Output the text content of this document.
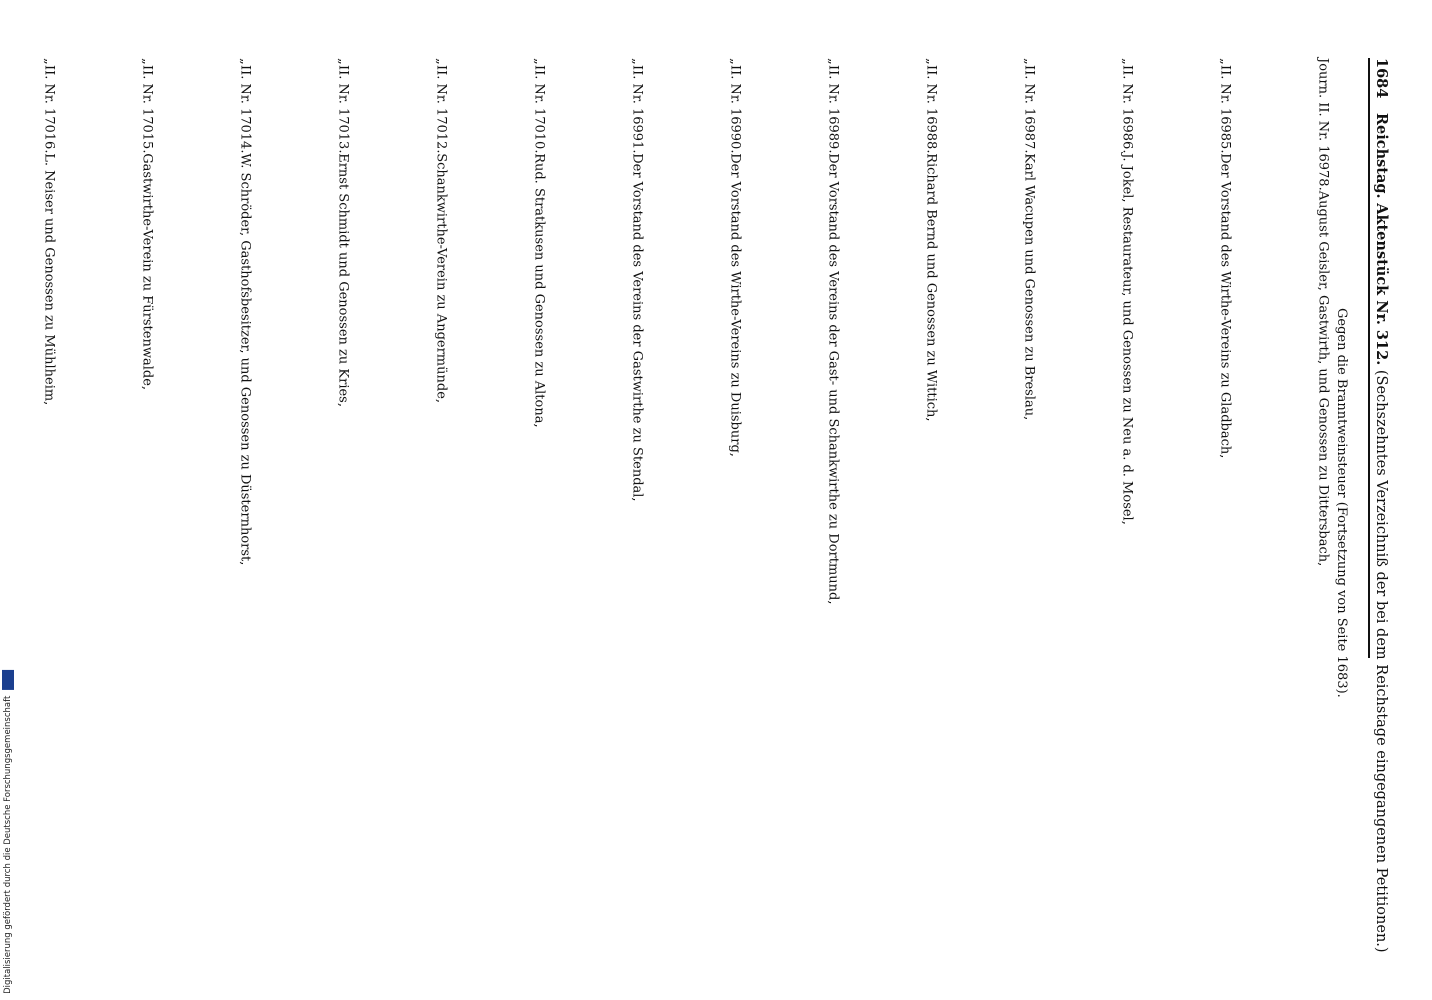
1684 Reichstag. Aktenstück Nr. 312. (Sechszehntes Verzeichniß der bei dem Reichstage eingegangenen Petitionen.)
Gegen die Branntweinsteuer (Fortsetzung von Seite 1683).
Journ. II. Nr. 16978.August Geisler, Gastwirth, und Genossen zu Dittersbach,
„II. Nr. 16985.Der Vorstand des Wirthe-Vereins zu Gladbach,
„II. Nr. 16986.J. Jokel, Restaurateur, und Genossen zu Neu a. d. Mosel,
„II. Nr. 16987.Karl Wacupen und Genossen zu Breslau,
„II. Nr. 16988.Richard Bernd und Genossen zu Wittich,
„II. Nr. 16989.Der Vorstand des Vereins der Gast- und Schankwirthe zu Dortmund,
„II. Nr. 16990.Der Vorstand des Wirthe-Vereins zu Duisburg,
„II. Nr. 16991.Der Vorstand des Vereins der Gastwirthe zu Stendal,
„II. Nr. 17010.Rud. Stratkusen und Genossen zu Altona,
„II. Nr. 17012.Schankwirthe-Verein zu Angermünde,
„II. Nr. 17013.Ernst Schmidt und Genossen zu Kries,
„II. Nr. 17014.W. Schröder, Gasthofsbesitzer, und Genossen zu Düsternhorst,
„II. Nr. 17015.Gastwirthe-Verein zu Fürstenwalde,
„II. Nr. 17016.L. Neiser und Genossen zu Mühlheim,
Digitalisierung gefördert durch die Deutsche Forschungsgemeinschaft
